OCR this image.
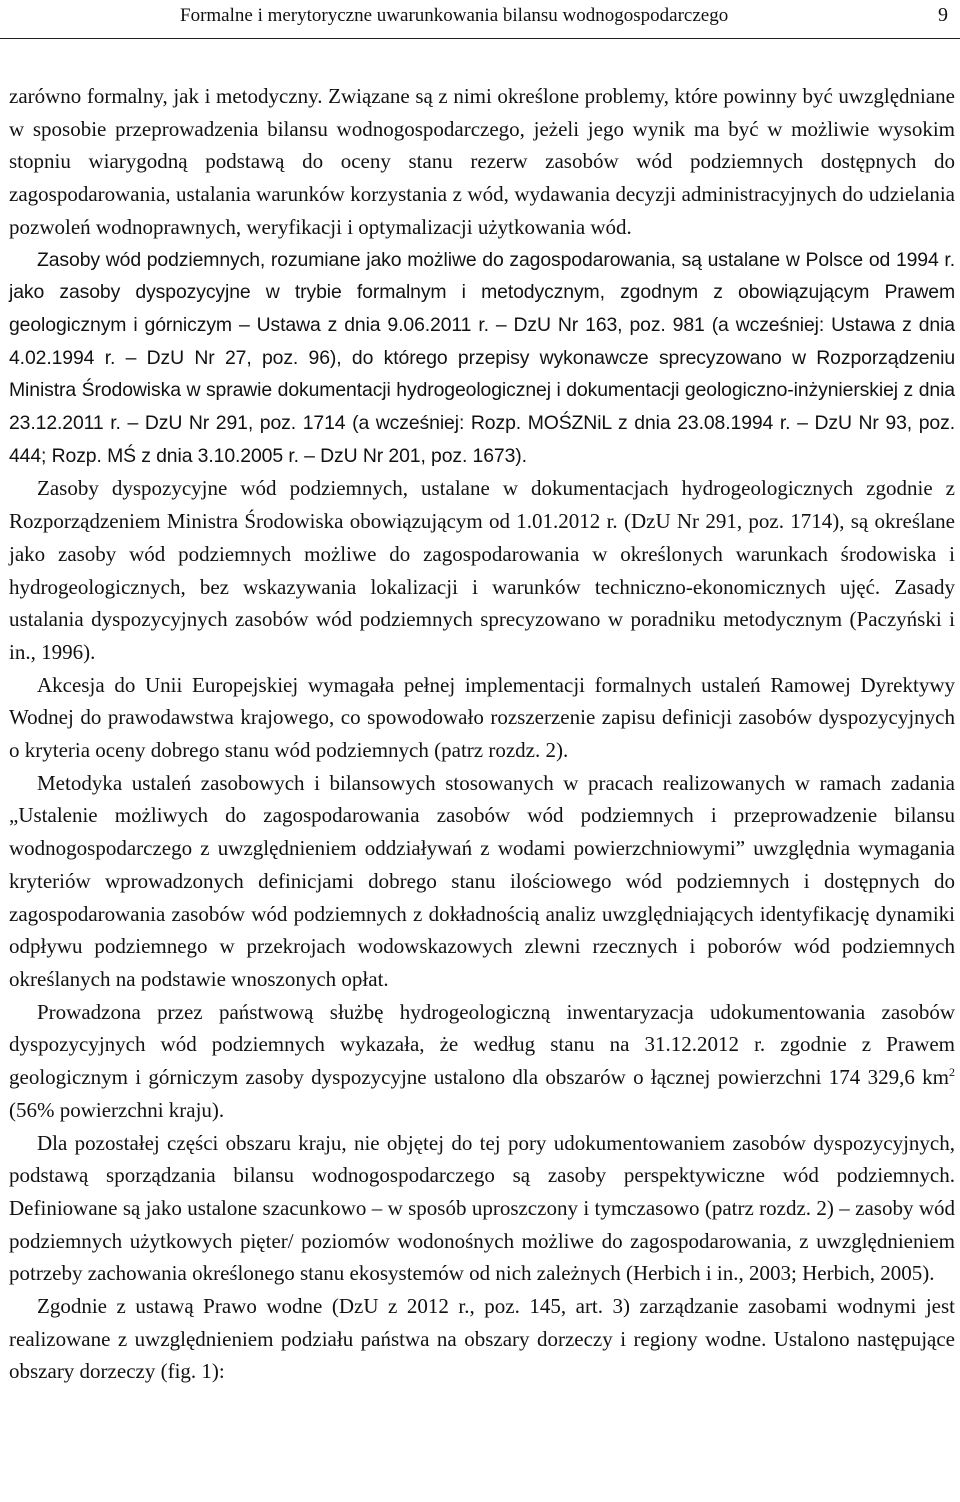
Formalne i merytoryczne uwarunkowania bilansu wodnogospodarczego	9

zarówno formalny, jak i metodyczny. Związane są z nimi określone problemy, które powinny być uwzględniane w sposobie przeprowadzenia bilansu wodnogospodarczego, jeżeli jego wynik ma być w możliwie wysokim stopniu wiarygodną podstawą do oceny stanu rezerw zasobów wód podziemnych dostępnych do zagospodarowania, ustalania warunków korzystania z wód, wydawania decyzji administracyjnych do udzielania pozwoleń wodnoprawnych, weryfikacji i optymalizacji użytkowania wód.

Zasoby wód podziemnych, rozumiane jako możliwe do zagospodarowania, są ustalane w Polsce od 1994 r. jako zasoby dyspozycyjne w trybie formalnym i metodycznym, zgodnym z obowiązującym Prawem geologicznym i górniczym – Ustawa z dnia 9.06.2011 r. – DzU Nr 163, poz. 981 (a wcześniej: Ustawa z dnia 4.02.1994 r. – DzU Nr 27, poz. 96), do którego przepisy wykonawcze sprecyzowano w Rozporządzeniu Ministra Środowiska w sprawie dokumentacji hydrogeologicznej i dokumentacji geologiczno-inżynierskiej z dnia 23.12.2011 r. – DzU Nr 291, poz. 1714 (a wcześniej: Rozp. MOŚZNiL z dnia 23.08.1994 r. – DzU Nr 93, poz. 444; Rozp. MŚ z dnia 3.10.2005 r. – DzU Nr 201, poz. 1673).

Zasoby dyspozycyjne wód podziemnych, ustalane w dokumentacjach hydrogeologicznych zgodnie z Rozporządzeniem Ministra Środowiska obowiązującym od 1.01.2012 r. (DzU Nr 291, poz. 1714), są określane jako zasoby wód podziemnych możliwe do zagospodarowania w określonych warunkach środowiska i hydrogeologicznych, bez wskazywania lokalizacji i warunków techniczno-ekonomicznych ujęć. Zasady ustalania dyspozycyjnych zasobów wód podziemnych sprecyzowano w poradniku metodycznym (Paczyński i in., 1996).

Akcesja do Unii Europejskiej wymagała pełnej implementacji formalnych ustaleń Ramowej Dyrektywy Wodnej do prawodawstwa krajowego, co spowodowało rozszerzenie zapisu definicji zasobów dyspozycyjnych o kryteria oceny dobrego stanu wód podziemnych (patrz rozdz. 2).

Metodyka ustaleń zasobowych i bilansowych stosowanych w pracach realizowanych w ramach zadania „Ustalenie możliwych do zagospodarowania zasobów wód podziemnych i przeprowadzenie bilansu wodnogospodarczego z uwzględnieniem oddziaływań z wodami powierzchniowymi” uwzględnia wymagania kryteriów wprowadzonych definicjami dobrego stanu ilościowego wód podziemnych i dostępnych do zagospodarowania zasobów wód podziemnych z dokładnością analiz uwzględniających identyfikację dynamiki odpływu podziemnego w przekrojach wodowskazowych zlewni rzecznych i poborów wód podziemnych określanych na podstawie wnoszonych opłat.

Prowadzona przez państwową służbę hydrogeologiczną inwentaryzacja udokumentowania zasobów dyspozycyjnych wód podziemnych wykazała, że według stanu na 31.12.2012 r. zgodnie z Prawem geologicznym i górniczym zasoby dyspozycyjne ustalono dla obszarów o łącznej powierzchni 174 329,6 $km^2$ (56% powierzchni kraju).

Dla pozostałej części obszaru kraju, nie objętej do tej pory udokumentowaniem zasobów dyspozycyjnych, podstawą sporządzania bilansu wodnogospodarczego są zasoby perspektywiczne wód podziemnych. Definiowane są jako ustalone szacunkowo – w sposób uproszczony i tymczasowo (patrz rozdz. 2) – zasoby wód podziemnych użytkowych pięter/ poziomów wodonośnych możliwe do zagospodarowania, z uwzględnieniem potrzeby zachowania określonego stanu ekosystemów od nich zależnych (Herbich i in., 2003; Herbich, 2005).

Zgodnie z ustawą Prawo wodne (DzU z 2012 r., poz. 145, art. 3) zarządzanie zasobami wodnymi jest realizowane z uwzględnieniem podziału państwa na obszary dorzeczy i regiony wodne. Ustalono następujące obszary dorzeczy (fig. 1):
